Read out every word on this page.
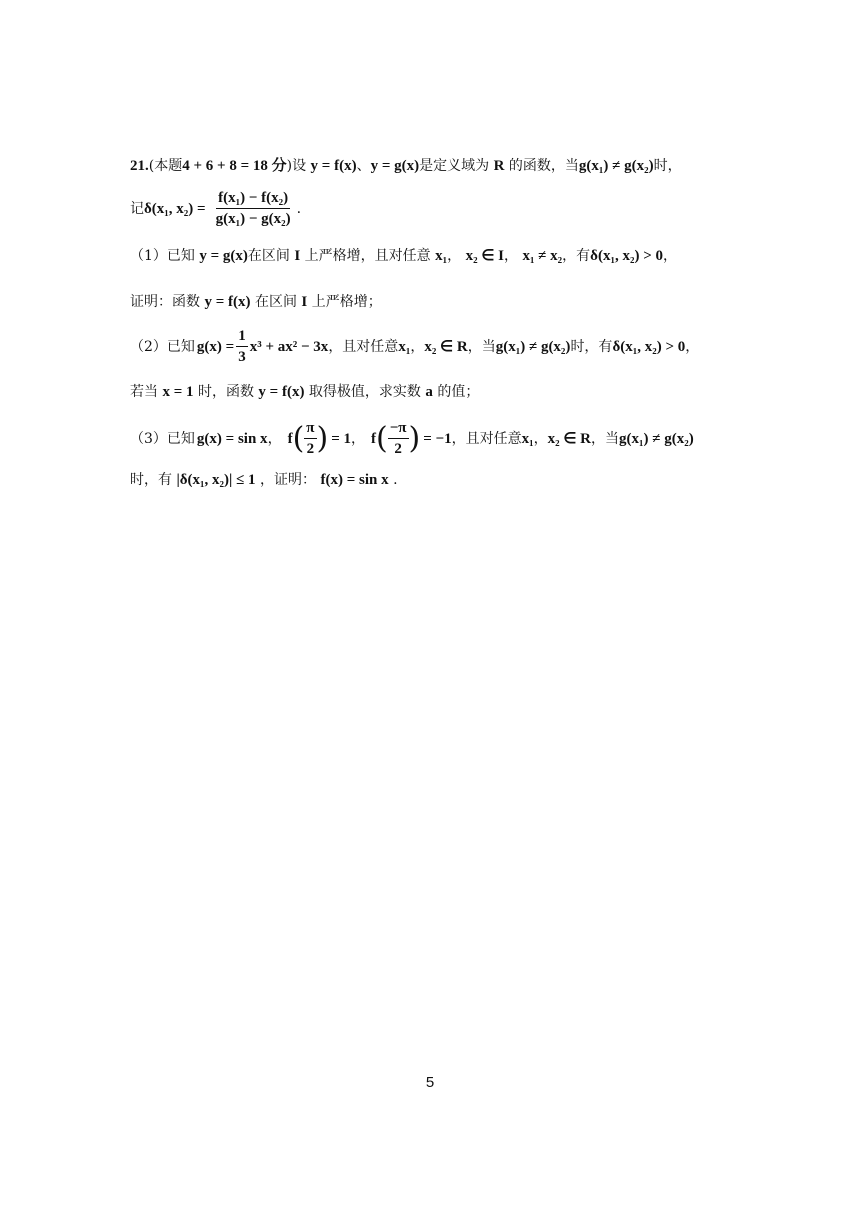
21.(本题4 + 6 + 8 = 18 分)设 y = f(x)、y = g(x)是定义域为 R 的函数，当g(x₁) ≠ g(x₂)时，
记 δ(x₁, $x_2) = \frac{\text{f(x₁) − f(x₂)}}{\text{g(x₁) − g(x₂)}}$ .
（1）已知 y = g(x)在区间 I 上严格增，且对任意 x₁， x₂ ∈ I， x₁ ≠ x₂，有δ(x₁, x₂) > 0，
证明：函数 y = f(x) 在区间 I 上严格增；
（2）已知 $g(x) = \frac{1}{3} x^3 + ax^2 - 3x$ ，且对任意 x₁ ， x₂ ∈ R ，当 g(x₁) ≠ g(x₂) 时，有 δ(x₁, x₂) > 0 ，
若当 x = 1 时，函数 y = f(x) 取得极值，求实数 a 的值；
（3）已知 g(x) = sin x ， f ( $\frac{\pi}{2}$ ) = 1 ， f ( $\frac{-\pi}{2}$ ) = −1 ，且对任意 x₁ ， x₂ ∈ R ，当 g(x₁) ≠ g(x₂)
时，有 |δ(x₁, x₂)| ≤ 1 ，证明： f(x) = sin x .
5
